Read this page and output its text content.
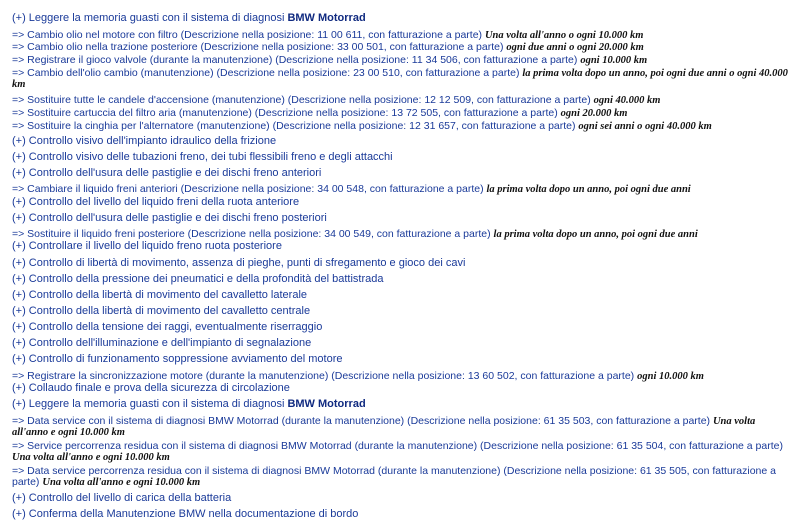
(+) Leggere la memoria guasti con il sistema di diagnosi BMW Motorrad
=> Cambio olio nel motore con filtro (Descrizione nella posizione: 11 00 611, con fatturazione a parte) Una volta all'anno o ogni 10.000 km
=> Cambio olio nella trazione posteriore (Descrizione nella posizione: 33 00 501, con fatturazione a parte) ogni due anni o ogni 20.000 km
=> Registrare il gioco valvole (durante la manutenzione) (Descrizione nella posizione: 11 34 506, con fatturazione a parte) ogni 10.000 km
=> Cambio dell'olio cambio (manutenzione) (Descrizione nella posizione: 23 00 510, con fatturazione a parte) la prima volta dopo un anno, poi ogni due anni o ogni 40.000 km
=> Sostituire tutte le candele d'accensione (manutenzione) (Descrizione nella posizione: 12 12 509, con fatturazione a parte) ogni 40.000 km
=> Sostituire cartuccia del filtro aria (manutenzione) (Descrizione nella posizione: 13 72 505, con fatturazione a parte) ogni 20.000 km
=> Sostituire la cinghia per l'alternatore (manutenzione) (Descrizione nella posizione: 12 31 657, con fatturazione a parte) ogni sei anni o ogni 40.000 km
(+) Controllo visivo dell'impianto idraulico della frizione
(+) Controllo visivo delle tubazioni freno, dei tubi flessibili freno e degli attacchi
(+) Controllo dell'usura delle pastiglie e dei dischi freno anteriori
=> Cambiare il liquido freni anteriori (Descrizione nella posizione: 34 00 548, con fatturazione a parte) la prima volta dopo un anno, poi ogni due anni
(+) Controllo del livello del liquido freni della ruota anteriore
(+) Controllo dell'usura delle pastiglie e dei dischi freno posteriori
=> Sostituire il liquido freni posteriore (Descrizione nella posizione: 34 00 549, con fatturazione a parte) la prima volta dopo un anno, poi ogni due anni
(+) Controllare il livello del liquido freno ruota posteriore
(+) Controllo di libertà di movimento, assenza di pieghe, punti di sfregamento e gioco dei cavi
(+) Controllo della pressione dei pneumatici e della profondità del battistrada
(+) Controllo della libertà di movimento del cavalletto laterale
(+) Controllo della libertà di movimento del cavalletto centrale
(+) Controllo della tensione dei raggi, eventualmente riserraggio
(+) Controllo dell'illuminazione e dell'impianto di segnalazione
(+) Controllo di funzionamento soppressione avviamento del motore
=> Registrare la sincronizzazione motore (durante la manutenzione) (Descrizione nella posizione: 13 60 502, con fatturazione a parte) ogni 10.000 km
(+) Collaudo finale e prova della sicurezza di circolazione
(+) Leggere la memoria guasti con il sistema di diagnosi BMW Motorrad
=> Data service con il sistema di diagnosi BMW Motorrad (durante la manutenzione) (Descrizione nella posizione: 61 35 503, con fatturazione a parte) Una volta all'anno e ogni 10.000 km
=> Service percorrenza residua con il sistema di diagnosi BMW Motorrad (durante la manutenzione) (Descrizione nella posizione: 61 35 504, con fatturazione a parte) Una volta all'anno e ogni 10.000 km
=> Data service percorrenza residua con il sistema di diagnosi BMW Motorrad (durante la manutenzione) (Descrizione nella posizione: 61 35 505, con fatturazione a parte) Una volta all'anno e ogni 10.000 km
(+) Controllo del livello di carica della batteria
(+) Conferma della Manutenzione BMW nella documentazione di bordo
